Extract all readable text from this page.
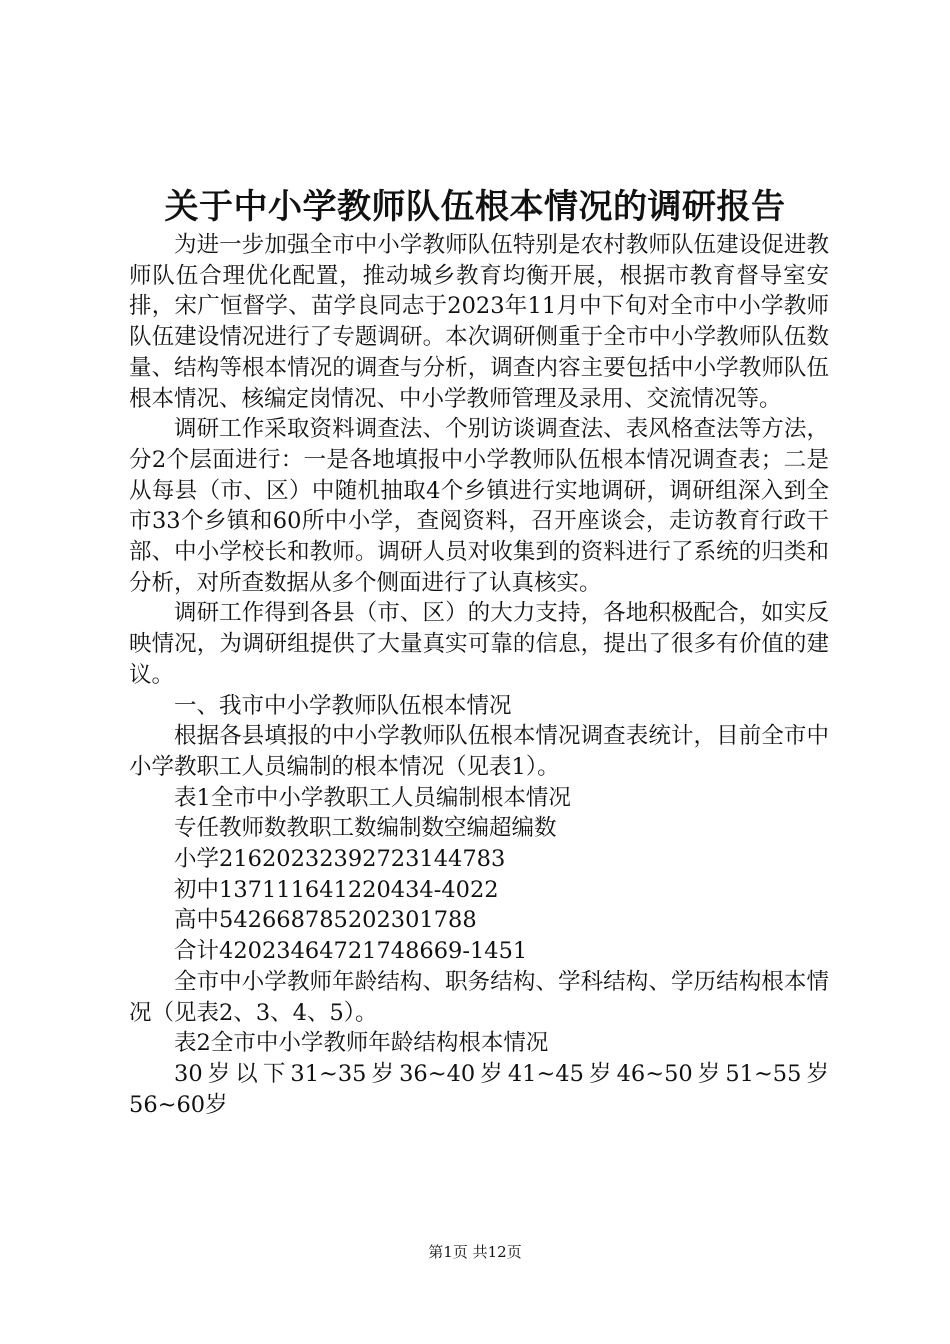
关于中小学教师队伍根本情况的调研报告

为进一步加强全市中小学教师队伍特别是农村教师队伍建设促进教师队伍合理优化配置，推动城乡教育均衡开展，根据市教育督导室安排，宋广恒督学、苗学良同志于2023年11月中下旬对全市中小学教师队伍建设情况进行了专题调研。本次调研侧重于全市中小学教师队伍数量、结构等根本情况的调查与分析，调查内容主要包括中小学教师队伍根本情况、核编定岗情况、中小学教师管理及录用、交流情况等。

调研工作采取资料调查法、个别访谈调查法、表风格查法等方法，分2个层面进行：一是各地填报中小学教师队伍根本情况调查表；二是从每县（市、区）中随机抽取4个乡镇进行实地调研，调研组深入到全市33个乡镇和60所中小学，查阅资料，召开座谈会，走访教育行政干部、中小学校长和教师。调研人员对收集到的资料进行了系统的归类和分析，对所查数据从多个侧面进行了认真核实。

调研工作得到各县（市、区）的大力支持，各地积极配合，如实反映情况，为调研组提供了大量真实可靠的信息，提出了很多有价值的建议。

一、我市中小学教师队伍根本情况

根据各县填报的中小学教师队伍根本情况调查表统计，目前全市中小学教职工人员编制的根本情况（见表1）。

表1全市中小学教职工人员编制根本情况

专任教师数教职工数编制数空编超编数

小学21620232392723144783

初中137111641220434-4022

高中542668785202301788

合计42023464721748669-1451

全市中小学教师年龄结构、职务结构、学科结构、学历结构根本情况（见表2、3、4、5）。

表2全市中小学教师年龄结构根本情况

30岁以下31~35岁36~40岁41~45岁46~50岁51~55岁56~60岁

第1页 共12页
